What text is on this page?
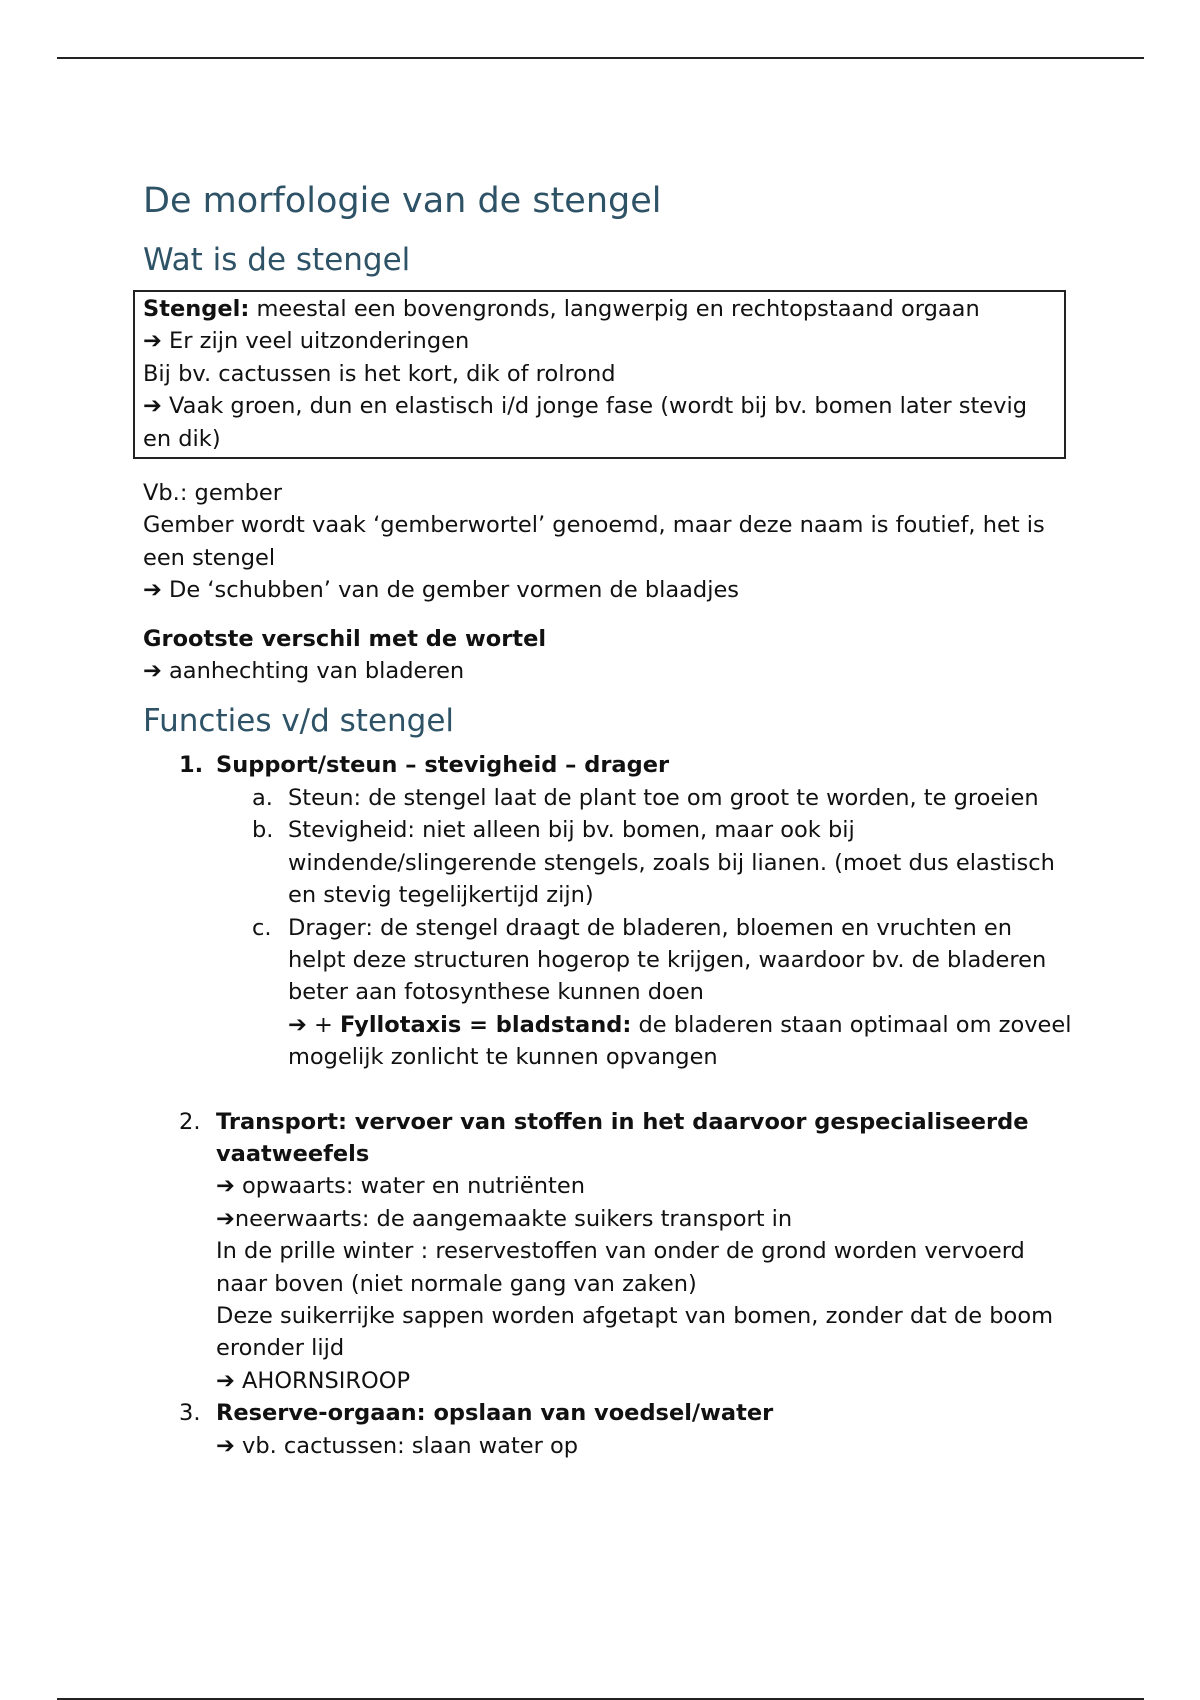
De morfologie van de stengel
Wat is de stengel
Stengel: meestal een bovengronds, langwerpig en rechtopstaand orgaan
➔ Er zijn veel uitzonderingen
Bij bv. cactussen is het kort, dik of rolrond
➔ Vaak groen, dun en elastisch i/d jonge fase (wordt bij bv. bomen later stevig en dik)
Vb.: gember
Gember wordt vaak ‘gemberwortel’ genoemd, maar deze naam is foutief, het is een stengel
➔ De ‘schubben’ van de gember vormen de blaadjes
Grootste verschil met de wortel
➔ aanhechting van bladeren
Functies v/d stengel
1. Support/steun – stevigheid – drager
a. Steun: de stengel laat de plant toe om groot te worden, te groeien
b. Stevigheid: niet alleen bij bv. bomen, maar ook bij windende/slingerende stengels, zoals bij lianen. (moet dus elastisch en stevig tegelijkertijd zijn)
c. Drager: de stengel draagt de bladeren, bloemen en vruchten en helpt deze structuren hogerop te krijgen, waardoor bv. de bladeren beter aan fotosynthese kunnen doen
➔ + Fyllotaxis = bladstand: de bladeren staan optimaal om zoveel mogelijk zonlicht te kunnen opvangen
2. Transport: vervoer van stoffen in het daarvoor gespecialiseerde vaatweefels
➔ opwaarts: water en nutriënten
➔neerwaarts: de aangemaakte suikers transport in
In de prille winter : reservestoffen van onder de grond worden vervoerd naar boven (niet normale gang van zaken)
Deze suikerrijke sappen worden afgetapt van bomen, zonder dat de boom eronder lijd
➔ AHORNSIROOP
3. Reserve-orgaan: opslaan van voedsel/water
➔ vb. cactussen: slaan water op
